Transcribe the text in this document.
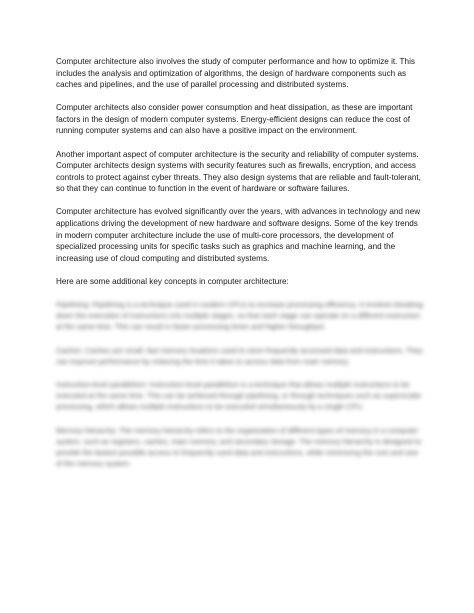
Computer architecture also involves the study of computer performance and how to optimize it. This includes the analysis and optimization of algorithms, the design of hardware components such as caches and pipelines, and the use of parallel processing and distributed systems.

Computer architects also consider power consumption and heat dissipation, as these are important factors in the design of modern computer systems. Energy-efficient designs can reduce the cost of running computer systems and can also have a positive impact on the environment.

Another important aspect of computer architecture is the security and reliability of computer systems. Computer architects design systems with security features such as firewalls, encryption, and access controls to protect against cyber threats. They also design systems that are reliable and fault-tolerant, so that they can continue to function in the event of hardware or software failures.

Computer architecture has evolved significantly over the years, with advances in technology and new applications driving the development of new hardware and software designs. Some of the key trends in modern computer architecture include the use of multi-core processors, the development of specialized processing units for specific tasks such as graphics and machine learning, and the increasing use of cloud computing and distributed systems.

Here are some additional key concepts in computer architecture:

Pipelining: Pipelining is a technique used in modern CPUs to increase processing efficiency. It involves breaking down the execution of instructions into multiple stages, so that each stage can operate on a different instruction at the same time. This can result in faster processing times and higher throughput.

Caches: Caches are small, fast memory locations used to store frequently accessed data and instructions. They can improve performance by reducing the time it takes to access data from main memory.

Instruction-level parallelism: Instruction-level parallelism is a technique that allows multiple instructions to be executed at the same time. This can be achieved through pipelining, or through techniques such as superscalar processing, which allows multiple instructions to be executed simultaneously by a single CPU.

Memory hierarchy: The memory hierarchy refers to the organization of different types of memory in a computer system, such as registers, caches, main memory, and secondary storage. The memory hierarchy is designed to provide the fastest possible access to frequently used data and instructions, while minimizing the cost and size of the memory system.
